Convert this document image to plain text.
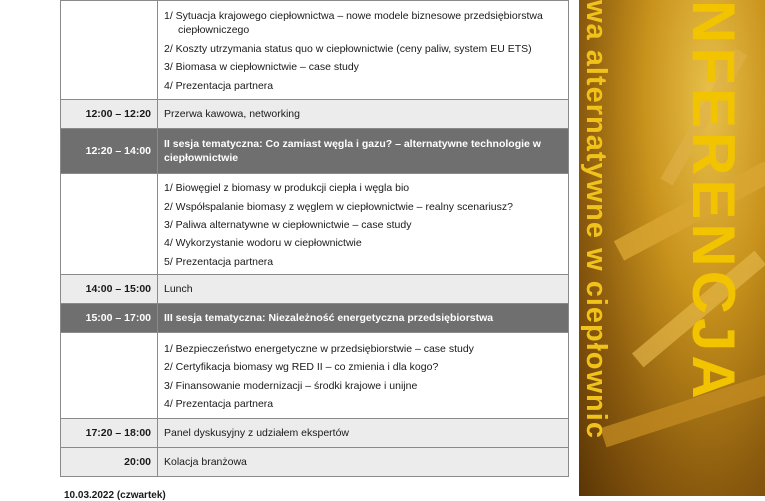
	1/ Sytuacja krajowego ciepłownictwa – nowe modele biznesowe przedsiębiorstwa ciepłowniczego
2/ Koszty utrzymania status quo w ciepłownictwie (ceny paliw, system EU ETS)
3/ Biomasa w ciepłownictwie – case study
4/ Prezentacja partnera

12:00 – 12:20	Przerwa kawowa, networking
12:20 – 14:00	II sesja tematyczna: Co zamiast węgla i gazu? – alternatywne technologie w ciepłownictwie

	1/ Biowęgiel z biomasy w produkcji ciepła i węgla bio
2/ Współspalanie biomasy z węglem w ciepłownictwie – realny scenariusz?
3/ Paliwa alternatywne w ciepłownictwie – case study
4/ Wykorzystanie wodoru w ciepłownictwie
5/ Prezentacja partnera

14:00 – 15:00	Lunch
15:00 – 17:00	III sesja tematyczna: Niezależność energetyczna przedsiębiorstwa

	1/ Bezpieczeństwo energetyczne w przedsiębiorstwie – case study
2/ Certyfikacja biomasy wg RED II – co zmienia i dla kogo?
3/ Finansowanie modernizacji – środki krajowe i unijne
4/ Prezentacja partnera

17:20 – 18:00	Panel dyskusyjny z udziałem ekspertów
20:00	Kolacja branżowa
10.03.2022 (czwartek)
wa alternatywne w ciepłownic NFERENCJA
